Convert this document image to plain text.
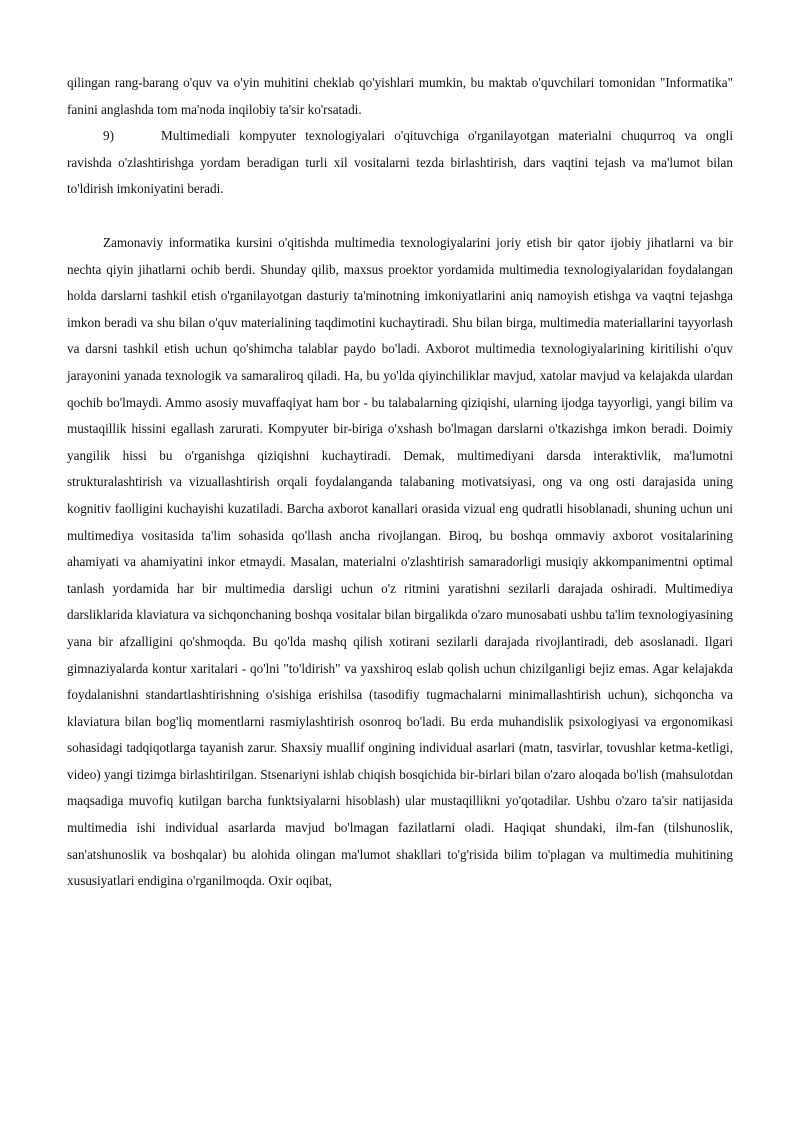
qilingan rang-barang o'quv va o'yin muhitini cheklab qo'yishlari mumkin, bu maktab o'quvchilari tomonidan "Informatika" fanini anglashda tom ma'noda inqilobiy ta'sir ko'rsatadi.

9)	Multimediali kompyuter texnologiyalari o'qituvchiga o'rganilayotgan materialni chuqurroq va ongli ravishda o'zlashtirishga yordam beradigan turli xil vositalarni tezda birlashtirish, dars vaqtini tejash va ma'lumot bilan to'ldirish imkoniyatini beradi.

Zamonaviy informatika kursini o'qitishda multimedia texnologiyalarini joriy etish bir qator ijobiy jihatlarni va bir nechta qiyin jihatlarni ochib berdi. Shunday qilib, maxsus proektor yordamida multimedia texnologiyalaridan foydalangan holda darslarni tashkil etish o'rganilayotgan dasturiy ta'minotning imkoniyatlarini aniq namoyish etishga va vaqtni tejashga imkon beradi va shu bilan o'quv materialining taqdimotini kuchaytiradi. Shu bilan birga, multimedia materiallarini tayyorlash va darsni tashkil etish uchun qo'shimcha talablar paydo bo'ladi. Axborot multimedia texnologiyalarining kiritilishi o'quv jarayonini yanada texnologik va samaraliroq qiladi. Ha, bu yo'lda qiyinchiliklar mavjud, xatolar mavjud va kelajakda ulardan qochib bo'lmaydi. Ammo asosiy muvaffaqiyat ham bor - bu talabalarning qiziqishi, ularning ijodga tayyorligi, yangi bilim va mustaqillik hissini egallash zarurati. Kompyuter bir-biriga o'xshash bo'lmagan darslarni o'tkazishga imkon beradi. Doimiy yangilik hissi bu o'rganishga qiziqishni kuchaytiradi. Demak, multimediyani darsda interaktivlik, ma'lumotni strukturalashtirish va vizuallashtirish orqali foydalanganda talabaning motivatsiyasi, ong va ong osti darajasida uning kognitiv faolligini kuchayishi kuzatiladi. Barcha axborot kanallari orasida vizual eng qudratli hisoblanadi, shuning uchun uni multimediya vositasida ta'lim sohasida qo'llash ancha rivojlangan. Biroq, bu boshqa ommaviy axborot vositalarining ahamiyati va ahamiyatini inkor etmaydi. Masalan, materialni o'zlashtirish samaradorligi musiqiy akkompanimentni optimal tanlash yordamida har bir multimedia darsligi uchun o'z ritmini yaratishni sezilarli darajada oshiradi. Multimediya darsliklarida klaviatura va sichqonchaning boshqa vositalar bilan birgalikda o'zaro munosabati ushbu ta'lim texnologiyasining yana bir afzalligini qo'shmoqda. Bu qo'lda mashq qilish xotirani sezilarli darajada rivojlantiradi, deb asoslanadi. Ilgari gimnaziyalarda kontur xaritalari - qo'lni "to'ldirish" va yaxshiroq eslab qolish uchun chizilganligi bejiz emas. Agar kelajakda foydalanishni standartlashtirishning o'sishiga erishilsa (tasodifiy tugmachalarni minimallashtirish uchun), sichqoncha va klaviatura bilan bog'liq momentlarni rasmiylashtirish osonroq bo'ladi. Bu erda muhandislik psixologiyasi va ergonomikasi sohasidagi tadqiqotlarga tayanish zarur. Shaxsiy muallif ongining individual asarlari (matn, tasvirlar, tovushlar ketma-ketligi, video) yangi tizimga birlashtirilgan. Stsenariyni ishlab chiqish bosqichida bir-birlari bilan o'zaro aloqada bo'lish (mahsulotdan maqsadiga muvofiq kutilgan barcha funktsiyalarni hisoblash) ular mustaqillikni yo'qotadilar. Ushbu o'zaro ta'sir natijasida multimedia ishi individual asarlarda mavjud bo'lmagan fazilatlarni oladi. Haqiqat shundaki, ilm-fan (tilshunoslik, san'atshunoslik va boshqalar) bu alohida olingan ma'lumot shakllari to'g'risida bilim to'plagan va multimedia muhitining xususiyatlari endigina o'rganilmoqda. Oxir oqibat,
